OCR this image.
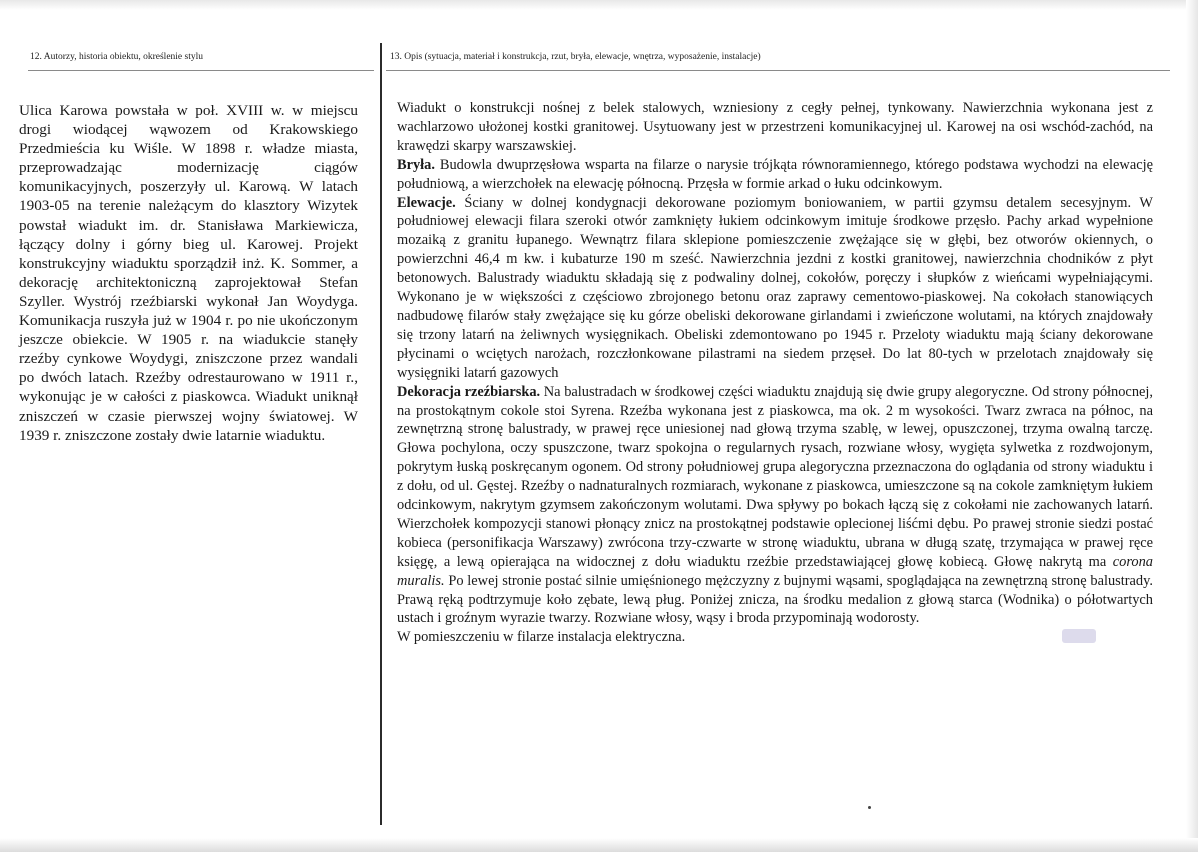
12. Autorzy, historia obiektu, określenie stylu	13. Opis (sytuacja, materiał i konstrukcja, rzut, bryła, elewacje, wnętrza, wyposażenie, instalacje)

Ulica Karowa powstała w poł. XVIII w. w miejscu drogi wiodącej wąwozem od Krakowskiego Przedmieścia ku Wiśle. W 1898 r. władze miasta, przeprowadzając modernizację ciągów komunikacyjnych, poszerzyły ul. Karową. W latach 1903-05 na terenie należącym do klasztory Wizytek powstał wiadukt im. dr. Stanisława Markiewicza, łączący dolny i górny bieg ul. Karowej. Projekt konstrukcyjny wiaduktu sporządził inż. K. Sommer, a dekorację architektoniczną zaprojektował Stefan Szyller. Wystrój rzeźbiarski wykonał Jan Woydyga. Komunikacja ruszyła już w 1904 r. po nie ukończonym jeszcze obiekcie. W 1905 r. na wiadukcie stanęły rzeźby cynkowe Woydygi, zniszczone przez wandali po dwóch latach. Rzeźby odrestaurowano w 1911 r., wykonując je w całości z piaskowca. Wiadukt uniknął zniszczeń w czasie pierwszej wojny światowej. W 1939 r. zniszczone zostały dwie latarnie wiaduktu.

Wiadukt o konstrukcji nośnej z belek stalowych, wzniesiony z cegły pełnej, tynkowany. Nawierzchnia wykonana jest z wachlarzowo ułożonej kostki granitowej. Usytuowany jest w przestrzeni komunikacyjnej ul. Karowej na osi wschód-zachód, na krawędzi skarpy warszawskiej.

Bryła. Budowla dwuprzęsłowa wsparta na filarze o narysie trójkąta równoramiennego, którego podstawa wychodzi na elewację południową, a wierzchołek na elewację północną. Przęsła w formie arkad o łuku odcinkowym.

Elewacje. Ściany w dolnej kondygnacji dekorowane poziomym boniowaniem, w partii gzymsu detalem secesyjnym. W południowej elewacji filara szeroki otwór zamknięty łukiem odcinkowym imituje środkowe przęsło. Pachy arkad wypełnione mozaiką z granitu łupanego. Wewnątrz filara sklepione pomieszczenie zwężające się w głębi, bez otworów okiennych, o powierzchni 46,4 m kw. i kubaturze 190 m sześć. Nawierzchnia jezdni z kostki granitowej, nawierzchnia chodników z płyt betonowych. Balustrady wiaduktu składają się z podwaliny dolnej, cokołów, poręczy i słupków z wieńcami wypełniającymi. Wykonano je w większości z częściowo zbrojonego betonu oraz zaprawy cementowo-piaskowej. Na cokołach stanowiących nadbudowę filarów stały zwężające się ku górze obeliski dekorowane girlandami i zwieńczone wolutami, na których znajdowały się trzony latarń na żeliwnych wysięgnikach. Obeliski zdemontowano po 1945 r. Przeloty wiaduktu mają ściany dekorowane płycinami o wciętych narożach, rozczłonkowane pilastrami na siedem przęseł. Do lat 80-tych w przelotach znajdowały się wysięgniki latarń gazowych

Dekoracja rzeźbiarska. Na balustradach w środkowej części wiaduktu znajdują się dwie grupy alegoryczne. Od strony północnej, na prostokątnym cokole stoi Syrena. Rzeźba wykonana jest z piaskowca, ma ok. 2 m wysokości. Twarz zwraca na północ, na zewnętrzną stronę balustrady, w prawej ręce uniesionej nad głową trzyma szablę, w lewej, opuszczonej, trzyma owalną tarczę. Głowa pochylona, oczy spuszczone, twarz spokojna o regularnych rysach, rozwiane włosy, wygięta sylwetka z rozdwojonym, pokrytym łuską poskręcanym ogonem. Od strony południowej grupa alegoryczna przeznaczona do oglądania od strony wiaduktu i z dołu, od ul. Gęstej. Rzeźby o nadnaturalnych rozmiarach, wykonane z piaskowca, umieszczone są na cokole zamkniętym łukiem odcinkowym, nakrytym gzymsem zakończonym wolutami. Dwa spływy po bokach łączą się z cokołami nie zachowanych latarń. Wierzchołek kompozycji stanowi płonący znicz na prostokątnej podstawie oplecionej liśćmi dębu. Po prawej stronie siedzi postać kobieca (personifikacja Warszawy) zwrócona trzy-czwarte w stronę wiaduktu, ubrana w długą szatę, trzymająca w prawej ręce księgę, a lewą opierająca na widocznej z dołu wiaduktu rzeźbie przedstawiającej głowę kobiecą. Głowę nakrytą ma corona muralis. Po lewej stronie postać silnie umięśnionego mężczyzny z bujnymi wąsami, spoglądająca na zewnętrzną stronę balustrady. Prawą ręką podtrzymuje koło zębate, lewą pług. Poniżej znicza, na środku medalion z głową starca (Wodnika) o półotwartych ustach i groźnym wyrazie twarzy. Rozwiane włosy, wąsy i broda przypominają wodorosty.

W pomieszczeniu w filarze instalacja elektryczna.
